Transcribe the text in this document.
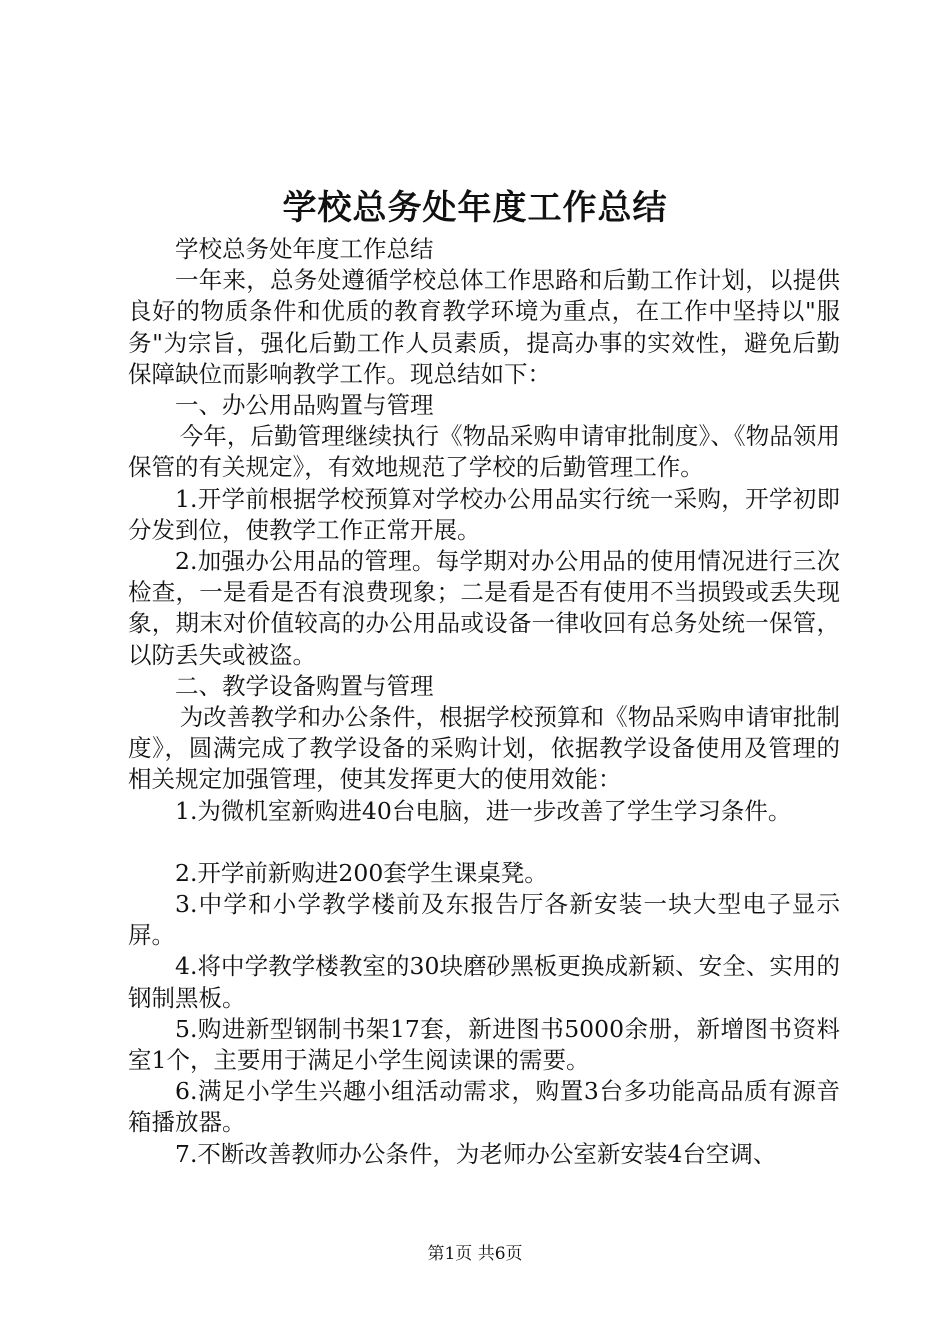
学校总务处年度工作总结

学校总务处年度工作总结

一年来，总务处遵循学校总体工作思路和后勤工作计划，以提供良好的物质条件和优质的教育教学环境为重点，在工作中坚持以"服务"为宗旨，强化后勤工作人员素质，提高办事的实效性，避免后勤保障缺位而影响教学工作。现总结如下：

一、办公用品购置与管理

今年，后勤管理继续执行《物品采购申请审批制度》、《物品领用保管的有关规定》，有效地规范了学校的后勤管理工作。

1.开学前根据学校预算对学校办公用品实行统一采购，开学初即分发到位，使教学工作正常开展。

2.加强办公用品的管理。每学期对办公用品的使用情况进行三次检查，一是看是否有浪费现象；二是看是否有使用不当损毁或丢失现象，期末对价值较高的办公用品或设备一律收回有总务处统一保管，以防丢失或被盗。

二、教学设备购置与管理

为改善教学和办公条件，根据学校预算和《物品采购申请审批制度》，圆满完成了教学设备的采购计划，依据教学设备使用及管理的相关规定加强管理，使其发挥更大的使用效能：

1.为微机室新购进40台电脑，进一步改善了学生学习条件。

2.开学前新购进200套学生课桌凳。

3.中学和小学教学楼前及东报告厅各新安装一块大型电子显示屏。

4.将中学教学楼教室的30块磨砂黑板更换成新颖、安全、实用的钢制黑板。

5.购进新型钢制书架17套，新进图书5000余册，新增图书资料室1个，主要用于满足小学生阅读课的需要。

6.满足小学生兴趣小组活动需求，购置3台多功能高品质有源音箱播放器。

7.不断改善教师办公条件，为老师办公室新安装4台空调、

第1页 共6页
